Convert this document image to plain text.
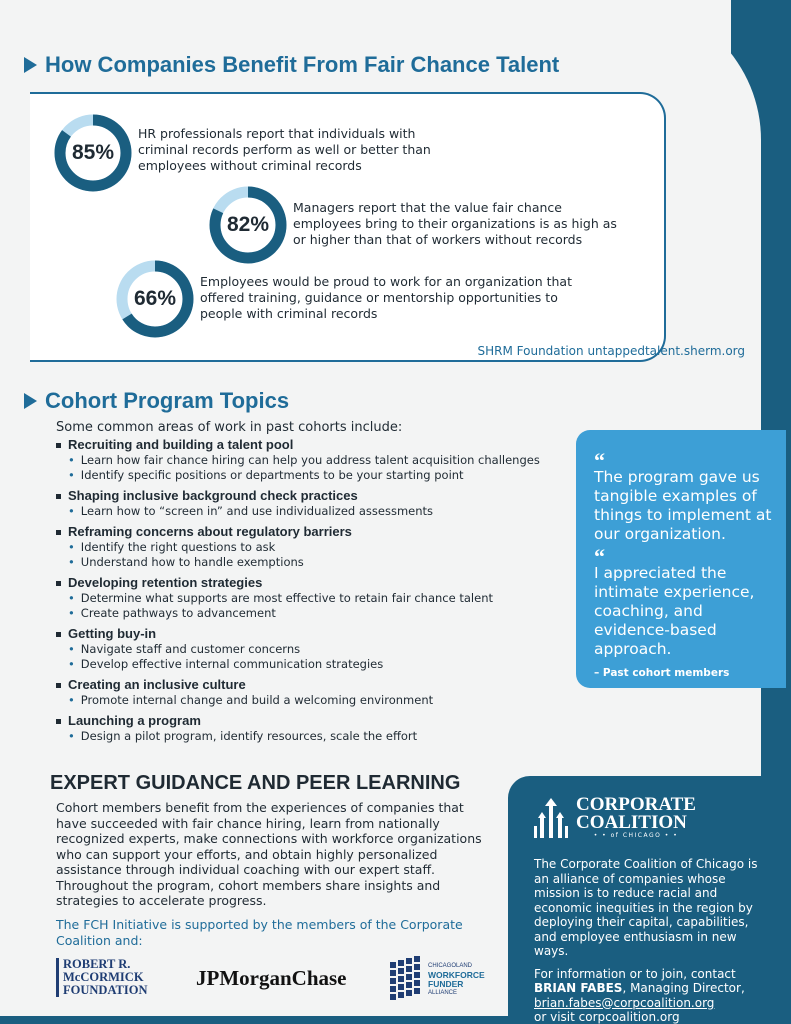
How Companies Benefit From Fair Chance Talent
85%
HR professionals report that individuals with criminal records perform as well or better than employees without criminal records
82%
Managers report that the value fair chance employees bring to their organizations is as high as or higher than that of workers without records
66%
Employees would be proud to work for an organization that offered training, guidance or mentorship opportunities to people with criminal records
SHRM Foundation untappedtalent.sherm.org
Cohort Program Topics
Some common areas of work in past cohorts include:
Recruiting and building a talent pool
• Learn how fair chance hiring can help you address talent acquisition challenges
• Identify specific positions or departments to be your starting point
Shaping inclusive background check practices
• Learn how to “screen in” and use individualized assessments
Reframing concerns about regulatory barriers
• Identify the right questions to ask
• Understand how to handle exemptions
Developing retention strategies
• Determine what supports are most effective to retain fair chance talent
• Create pathways to advancement
Getting buy-in
• Navigate staff and customer concerns
• Develop effective internal communication strategies
Creating an inclusive culture
• Promote internal change and build a welcoming environment
Launching a program
• Design a pilot program, identify resources, scale the effort
“
The program gave us tangible examples of things to implement at our organization.
“
I appreciated the intimate experience, coaching, and evidence-based approach.
– Past cohort members
EXPERT GUIDANCE AND PEER LEARNING
Cohort members benefit from the experiences of companies that have succeeded with fair chance hiring, learn from nationally recognized experts, make connections with workforce organizations who can support your efforts, and obtain highly personalized assistance through individual coaching with our expert staff. Throughout the program, cohort members share insights and strategies to accelerate progress.
The FCH Initiative is supported by the members of the Corporate Coalition and:
ROBERT R.
McCORMICK
FOUNDATION	JPMorganChase	CHICAGOLAND
WORKFORCE
FUNDER
ALLIANCE
CORPORATE
COALITION
• • of CHICAGO • •
The Corporate Coalition of Chicago is an alliance of companies whose mission is to reduce racial and economic inequities in the region by deploying their capital, capabilities, and employee enthusiasm in new ways.
For information or to join, contact
BRIAN FABES, Managing Director,
brian.fabes@corpcoalition.org
or visit corpcoalition.org
